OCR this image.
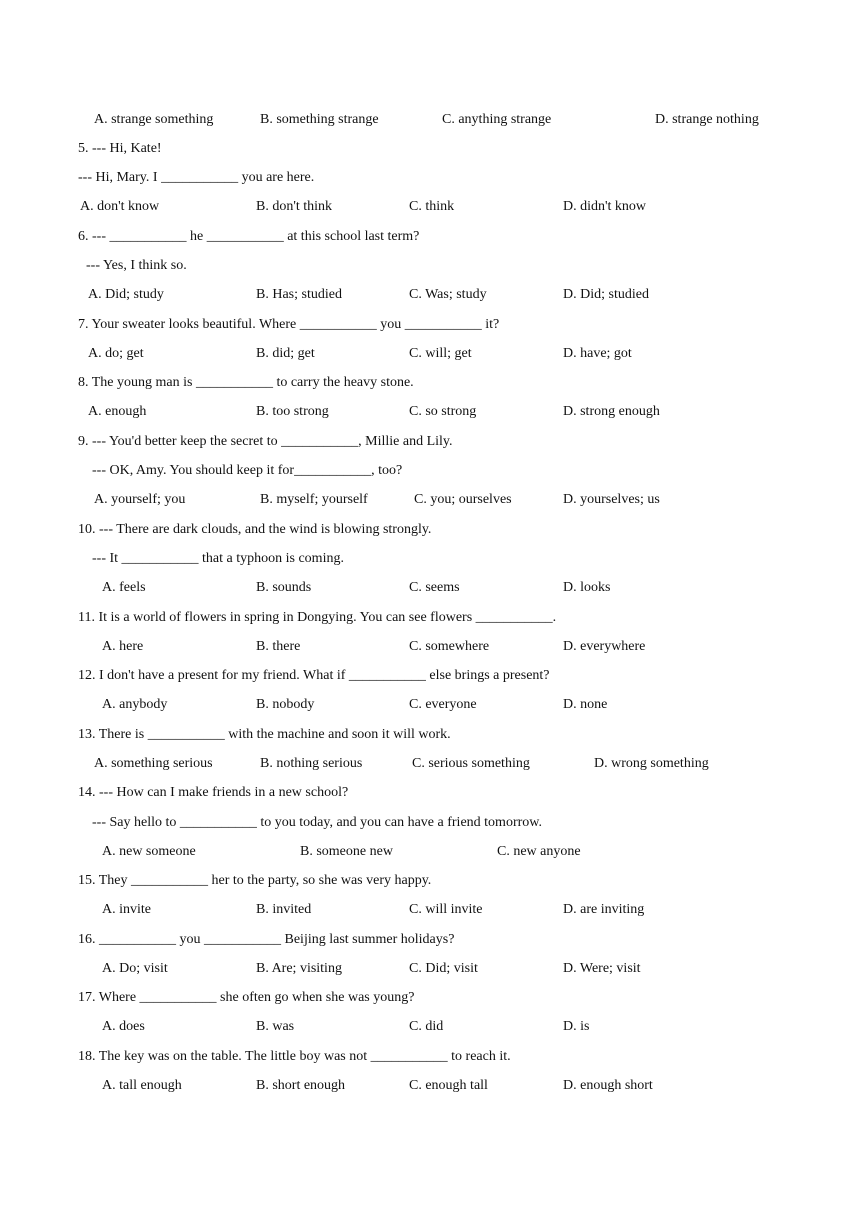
A. strange something	B. something strange	C. anything strange	D. strange nothing
5. --- Hi, Kate!
--- Hi, Mary. I ___________ you are here.
A. don't know	B. don't think	C. think	D. didn't know
6. --- ___________ he ___________ at this school last term?
--- Yes, I think so.
A. Did; study	B. Has; studied	C. Was; study	D. Did; studied
7. Your sweater looks beautiful. Where ___________ you ___________ it?
A. do; get	B. did; get	C. will; get	D. have; got
8. The young man is ___________ to carry the heavy stone.
A. enough	B. too strong	C. so strong	D. strong enough
9. --- You'd better keep the secret to ___________, Millie and Lily.
--- OK, Amy. You should keep it for___________, too?
A. yourself; you	B. myself; yourself	C. you; ourselves	D. yourselves; us
10. --- There are dark clouds, and the wind is blowing strongly.
--- It ___________ that a typhoon is coming.
A. feels	B. sounds	C. seems	D. looks
11. It is a world of flowers in spring in Dongying. You can see flowers ___________.
A. here	B. there	C. somewhere	D. everywhere
12. I don't have a present for my friend. What if ___________ else brings a present?
A. anybody	B. nobody	C. everyone	D. none
13. There is ___________ with the machine and soon it will work.
A. something serious	B. nothing serious	C. serious something	D. wrong something
14. --- How can I make friends in a new school?
--- Say hello to ___________ to you today, and you can have a friend tomorrow.
A. new someone	B. someone new	C. new anyone
15. They ___________ her to the party, so she was very happy.
A. invite	B. invited	C. will invite	D. are inviting
16. ___________ you ___________ Beijing last summer holidays?
A. Do; visit	B. Are; visiting	C. Did; visit	D. Were; visit
17. Where ___________ she often go when she was young?
A. does	B. was	C. did	D. is
18. The key was on the table. The little boy was not ___________ to reach it.
A. tall enough	B. short enough	C. enough tall	D. enough short
